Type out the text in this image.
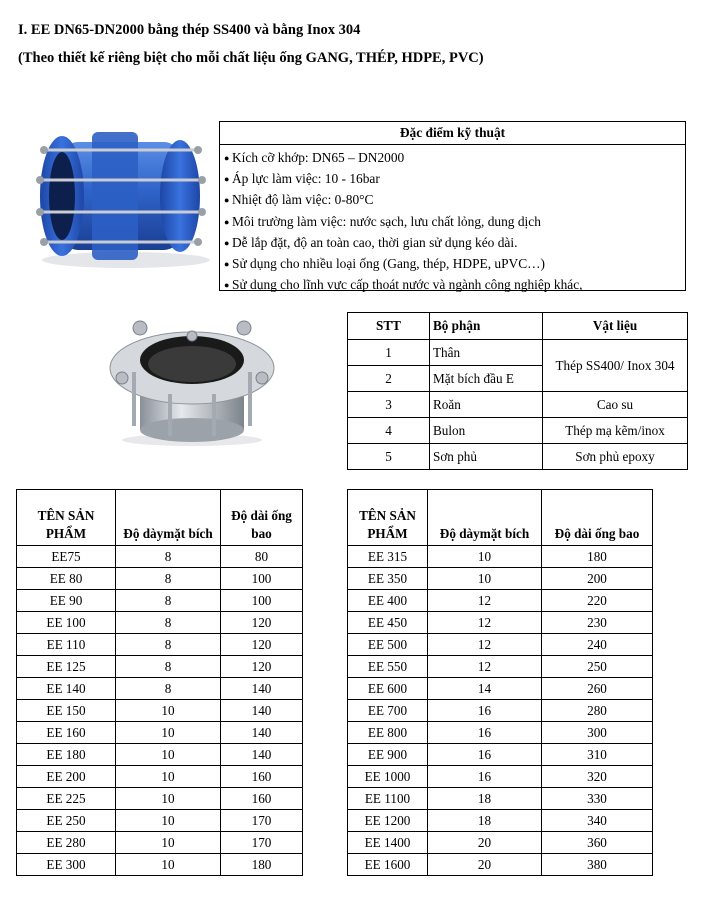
I. EE DN65-DN2000 bằng thép SS400 và bằng Inox 304
(Theo thiết kế riêng biệt cho mỗi chất liệu ống GANG, THÉP, HDPE, PVC)
Đặc điểm kỹ thuật
● Kích cỡ khớp: DN65 – DN2000
● Áp lực làm việc: 10 - 16bar
● Nhiệt độ làm việc: 0-80°C
● Môi trường làm việc: nước sạch, lưu chất lỏng, dung dịch
● Dễ lắp đặt, độ an toàn cao, thời gian sử dụng kéo dài.
● Sử dụng cho nhiều loại ống (Gang, thép, HDPE, uPVC…)
● Sử dụng cho lĩnh vực cấp thoát nước và ngành công nghiệp khác,
STT	Bộ phận	Vật liệu
1	Thân	Thép SS400/ Inox 304
2	Mặt bích đầu E	
3	Roăn	Cao su
4	Bulon	Thép mạ kẽm/inox
5	Sơn phủ	Sơn phủ epoxy
TÊN SẢN PHẨM	Độ dàymặt bích	Độ dài ống bao
EE75	8	80
EE 80	8	100
EE 90	8	100
EE 100	8	120
EE 110	8	120
EE 125	8	120
EE 140	8	140
EE 150	10	140
EE 160	10	140
EE 180	10	140
EE 200	10	160
EE 225	10	160
EE 250	10	170
EE 280	10	170
EE 300	10	180
TÊN SẢN PHẨM	Độ dàymặt bích	Độ dài ống bao
EE 315	10	180
EE 350	10	200
EE 400	12	220
EE 450	12	230
EE 500	12	240
EE 550	12	250
EE 600	14	260
EE 700	16	280
EE 800	16	300
EE 900	16	310
EE 1000	16	320
EE 1100	18	330
EE 1200	18	340
EE 1400	20	360
EE 1600	20	380
